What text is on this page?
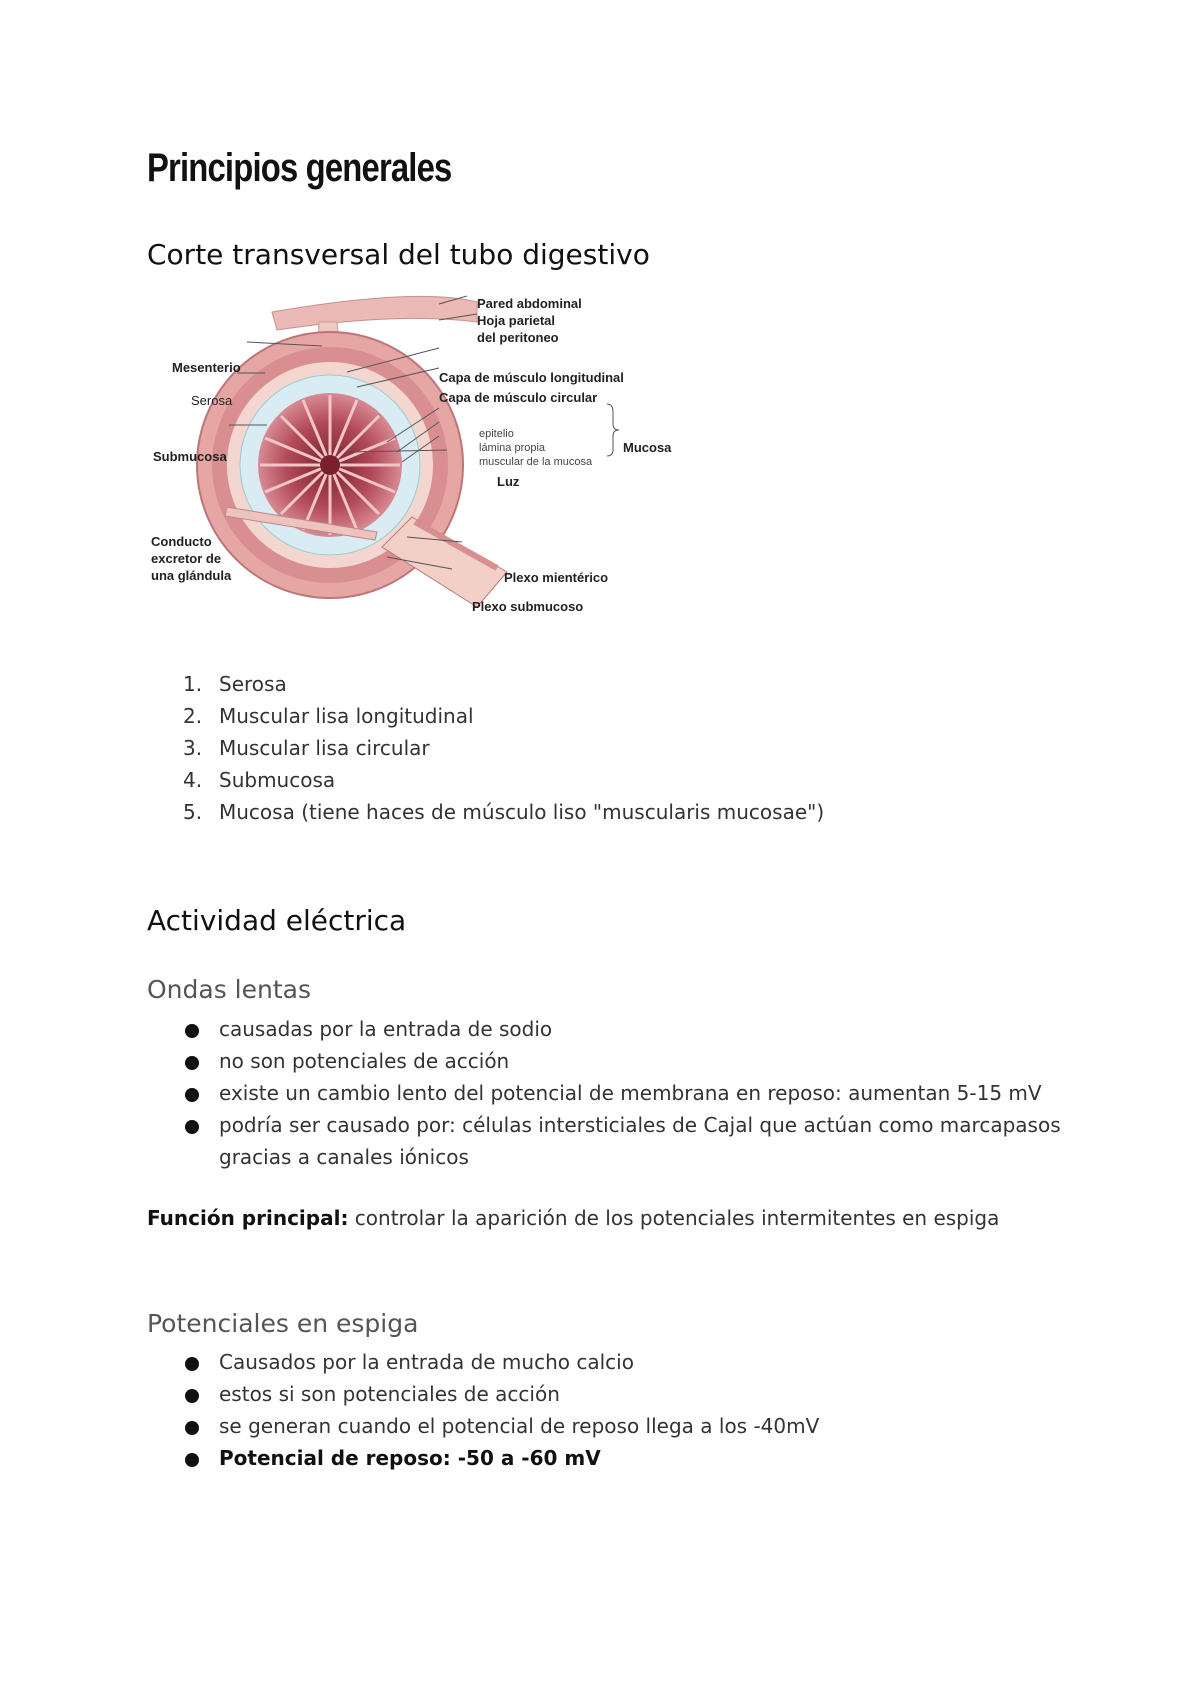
Principios generales
Corte transversal del tubo digestivo
Pared abdominal
Hoja parietal
del peritoneo
Mesenterio
Serosa
Submucosa
Conducto
excretor de
una glándula
Capa de músculo longitudinal
Capa de músculo circular
epitelio
lámina propia
muscular de la mucosa
Mucosa
Luz
Plexo mientérico
Plexo submucoso
1. Serosa
2. Muscular lisa longitudinal
3. Muscular lisa circular
4. Submucosa
5. Mucosa (tiene haces de músculo liso "muscularis mucosae")
Actividad eléctrica
Ondas lentas
causadas por la entrada de sodio
no son potenciales de acción
existe un cambio lento del potencial de membrana en reposo: aumentan 5-15 mV
podría ser causado por: células intersticiales de Cajal que actúan como marcapasos
gracias a canales iónicos
Función principal: controlar la aparición de los potenciales intermitentes en espiga
Potenciales en espiga
Causados por la entrada de mucho calcio
estos si son potenciales de acción
se generan cuando el potencial de reposo llega a los -40mV
Potencial de reposo: -50 a -60 mV
